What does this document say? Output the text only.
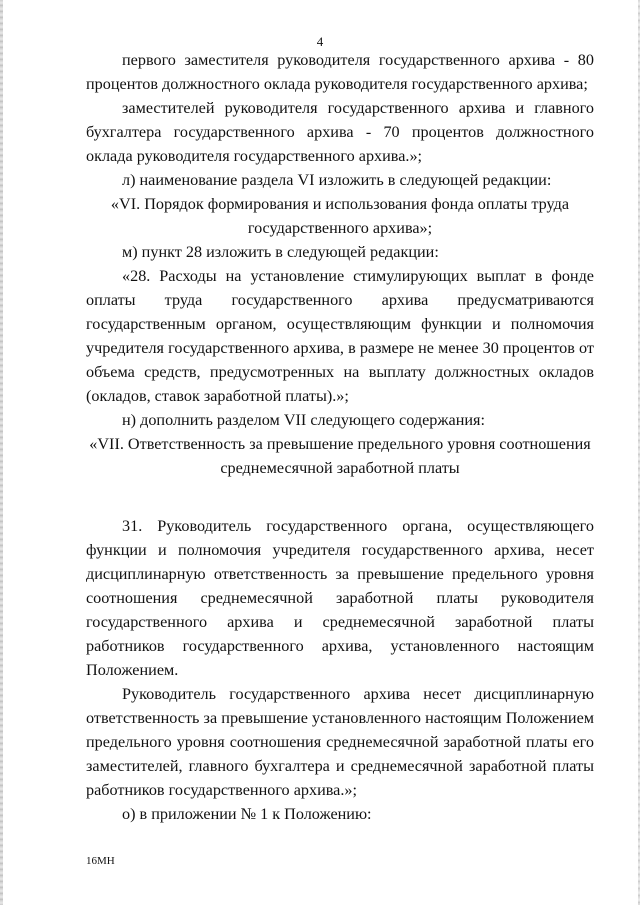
4

первого заместителя руководителя государственного архива - 80 процентов должностного оклада руководителя государственного архива;

заместителей руководителя государственного архива и главного бухгалтера государственного архива - 70 процентов должностного оклада руководителя государственного архива.»;

л) наименование раздела VI изложить в следующей редакции:

«VI. Порядок формирования и использования фонда оплаты труда

государственного архива»;

м) пункт 28 изложить в следующей редакции:

«28. Расходы на установление стимулирующих выплат в фонде оплаты труда государственного архива предусматриваются государственным органом, осуществляющим функции и полномочия учредителя государственного архива, в размере не менее 30 процентов от объема средств, предусмотренных на выплату должностных окладов (окладов, ставок заработной платы).»;

н) дополнить разделом VII следующего содержания:

«VII. Ответственность за превышение предельного уровня соотношения

среднемесячной заработной платы

31. Руководитель государственного органа, осуществляющего функции и полномочия учредителя государственного архива, несет дисциплинарную ответственность за превышение предельного уровня соотношения среднемесячной заработной платы руководителя государственного архива и среднемесячной заработной платы работников государственного архива, установленного настоящим Положением.

Руководитель государственного архива несет дисциплинарную ответственность за превышение установленного настоящим Положением предельного уровня соотношения среднемесячной заработной платы его заместителей, главного бухгалтера и среднемесячной заработной платы работников государственного архива.»;

о) в приложении № 1 к Положению:

16МН
